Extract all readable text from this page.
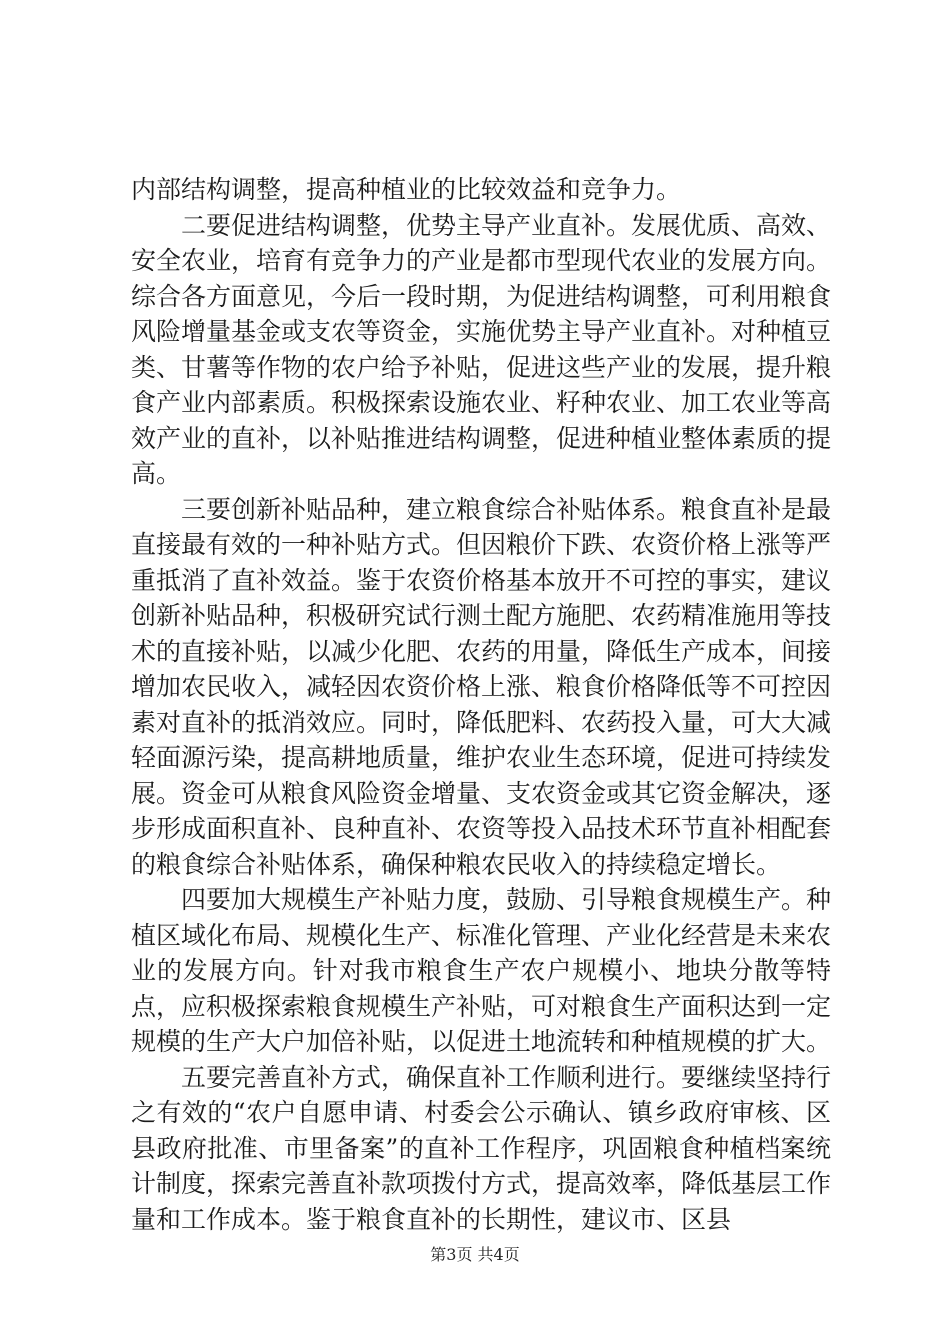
内部结构调整，提高种植业的比较效益和竞争力。

二要促进结构调整，优势主导产业直补。发展优质、高效、安全农业，培育有竞争力的产业是都市型现代农业的发展方向。综合各方面意见，今后一段时期，为促进结构调整，可利用粮食风险增量基金或支农等资金，实施优势主导产业直补。对种植豆类、甘薯等作物的农户给予补贴，促进这些产业的发展，提升粮食产业内部素质。积极探索设施农业、籽种农业、加工农业等高效产业的直补，以补贴推进结构调整，促进种植业整体素质的提高。

三要创新补贴品种，建立粮食综合补贴体系。粮食直补是最直接最有效的一种补贴方式。但因粮价下跌、农资价格上涨等严重抵消了直补效益。鉴于农资价格基本放开不可控的事实，建议创新补贴品种，积极研究试行测土配方施肥、农药精准施用等技术的直接补贴，以减少化肥、农药的用量，降低生产成本，间接增加农民收入，减轻因农资价格上涨、粮食价格降低等不可控因素对直补的抵消效应。同时，降低肥料、农药投入量，可大大减轻面源污染，提高耕地质量，维护农业生态环境，促进可持续发展。资金可从粮食风险资金增量、支农资金或其它资金解决，逐步形成面积直补、良种直补、农资等投入品技术环节直补相配套的粮食综合补贴体系，确保种粮农民收入的持续稳定增长。

四要加大规模生产补贴力度，鼓励、引导粮食规模生产。种植区域化布局、规模化生产、标准化管理、产业化经营是未来农业的发展方向。针对我市粮食生产农户规模小、地块分散等特点，应积极探索粮食规模生产补贴，可对粮食生产面积达到一定规模的生产大户加倍补贴，以促进土地流转和种植规模的扩大。

五要完善直补方式，确保直补工作顺利进行。要继续坚持行之有效的“农户自愿申请、村委会公示确认、镇乡政府审核、区县政府批准、市里备案”的直补工作程序，巩固粮食种植档案统计制度，探索完善直补款项拨付方式，提高效率，降低基层工作量和工作成本。鉴于粮食直补的长期性，建议市、区县

第3页 共4页
